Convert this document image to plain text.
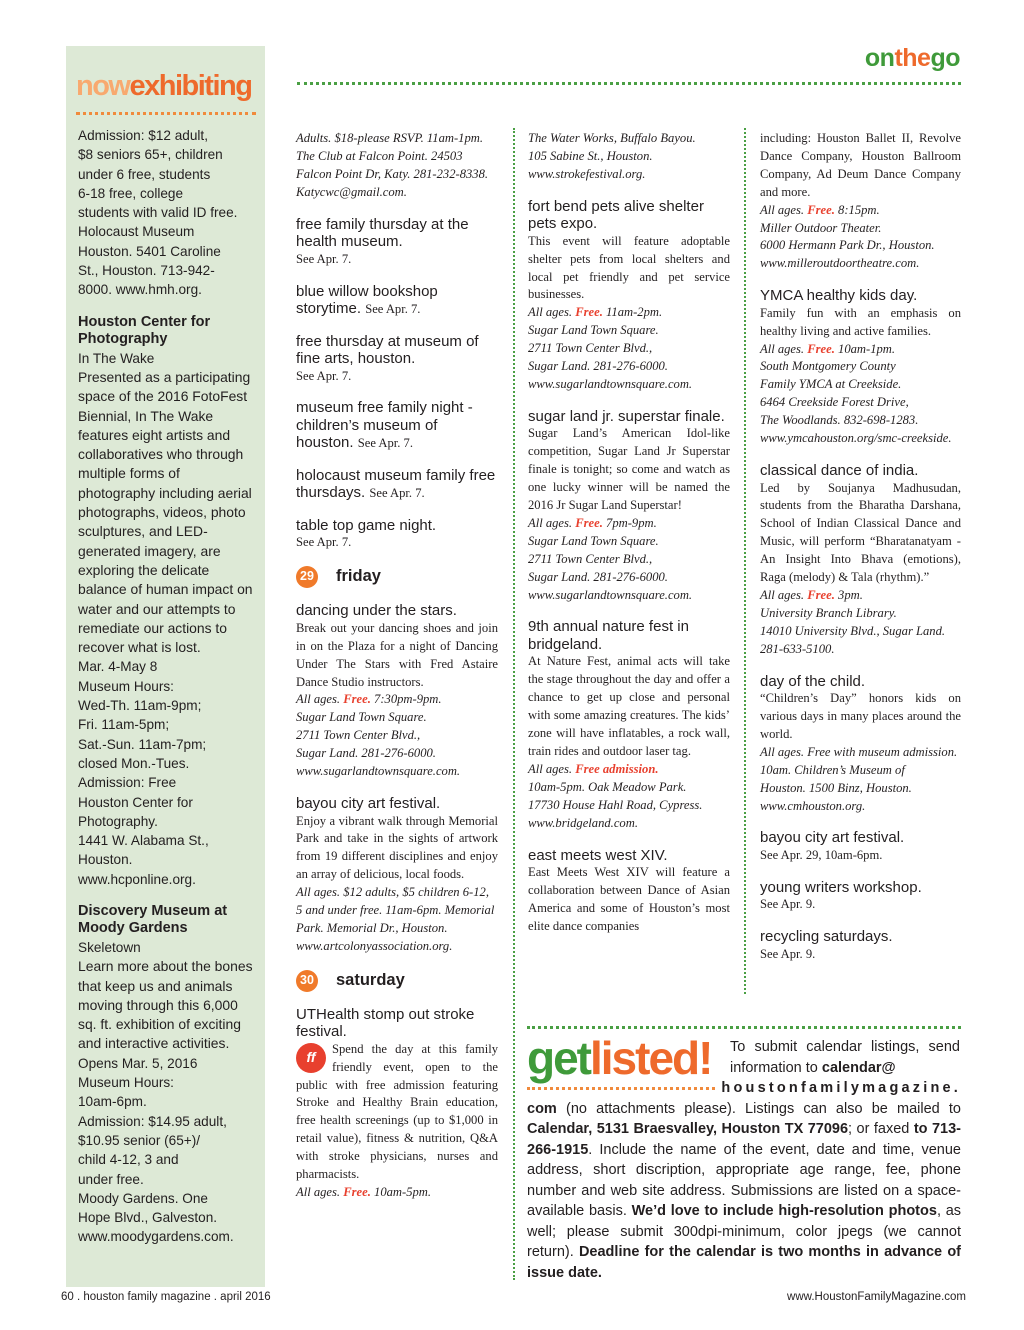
nowexhibiting

Admission: $12 adult,

$8 seniors 65+, children

under 6 free, students

6-18 free, college

students with valid ID free.

Holocaust Museum

Houston. 5401 Caroline

St., Houston. 713-942-

8000. www.hmh.org.

Houston Center for Photography

In The Wake

Presented as a participating space of the 2016 FotoFest Biennial, In The Wake features eight artists and collaboratives who through multiple forms of photography including aerial photographs, videos, photo sculptures, and LED-generated imagery, are exploring the delicate balance of human impact on water and our attempts to remediate our actions to recover what is lost.

Mar. 4-May 8

Museum Hours:

Wed-Th. 11am-9pm;

Fri. 11am-5pm;

Sat.-Sun. 11am-7pm;

closed Mon.-Tues.

Admission: Free

Houston Center for

Photography.

1441 W. Alabama St.,

Houston.

www.hcponline.org.

Discovery Museum at Moody Gardens

Skeletown

Learn more about the bones that keep us and animals moving through this 6,000 sq. ft. exhibition of exciting and interactive activities.

Opens Mar. 5, 2016

Museum Hours:

10am-6pm.

Admission: $14.95 adult,

$10.95 senior (65+)/

child 4-12, 3 and

under free.

Moody Gardens. One

Hope Blvd., Galveston.

www.moodygardens.com.

onthego

Adults. $18-please RSVP. 11am-1pm. The Club at Falcon Point. 24503 Falcon Point Dr, Katy. 281-232-8338. Katycwc@gmail.com.

free family thursday at the health museum.

See Apr. 7.

blue willow bookshop storytime. See Apr. 7.

free thursday at museum of fine arts, houston.

See Apr. 7.

museum free family night - children’s museum of houston. See Apr. 7.

holocaust museum family free thursdays. See Apr. 7.

table top game night.

See Apr. 7.

29 friday

dancing under the stars.

Break out your dancing shoes and join in on the Plaza for a night of Dancing Under The Stars with Fred Astaire Dance Studio instructors.

All ages. Free. 7:30pm-9pm.

Sugar Land Town Square.

2711 Town Center Blvd.,

Sugar Land. 281-276-6000.

www.sugarlandtownsquare.com.

bayou city art festival.

Enjoy a vibrant walk through Memorial Park and take in the sights of artwork from 19 different disciplines and enjoy an array of delicious, local foods.

All ages. $12 adults, $5 children 6-12, 5 and under free. 11am-6pm. Memorial Park. Memorial Dr., Houston. www.artcolonyassociation.org.

30 saturday

UTHealth stomp out stroke festival.

ff
Spend the day at this family friendly event, open to the public with free admission featuring Stroke and Healthy Brain education, free health screenings (up to $1,000 in retail value), fitness & nutrition, Q&A with stroke physicians, nurses and pharmacists.

All ages. Free. 10am-5pm.

The Water Works, Buffalo Bayou.

105 Sabine St., Houston.

www.strokefestival.org.

fort bend pets alive shelter pets expo.

This event will feature adoptable shelter pets from local shelters and local pet friendly and pet service businesses.

All ages. Free. 11am-2pm.

Sugar Land Town Square.

2711 Town Center Blvd.,

Sugar Land. 281-276-6000.

www.sugarlandtownsquare.com.

sugar land jr. superstar finale.

Sugar Land’s American Idol-like competition, Sugar Land Jr Superstar finale is tonight; so come and watch as one lucky winner will be named the 2016 Jr Sugar Land Superstar!

All ages. Free. 7pm-9pm.

Sugar Land Town Square.

2711 Town Center Blvd.,

Sugar Land. 281-276-6000.

www.sugarlandtownsquare.com.

9th annual nature fest in bridgeland.

At Nature Fest, animal acts will take the stage throughout the day and offer a chance to get up close and personal with some amazing creatures. The kids’ zone will have inflatables, a rock wall, train rides and outdoor laser tag.

All ages. Free admission.

10am-5pm. Oak Meadow Park.

17730 House Hahl Road, Cypress.

www.bridgeland.com.

east meets west XIV.

East Meets West XIV will feature a collaboration between Dance of Asian America and some of Houston’s most elite dance companies

including: Houston Ballet II, Revolve Dance Company, Houston Ballroom Company, Ad Deum Dance Company and more.

All ages. Free. 8:15pm.

Miller Outdoor Theater.

6000 Hermann Park Dr., Houston.

www.milleroutdoortheatre.com.

YMCA healthy kids day.

Family fun with an emphasis on healthy living and active families.

All ages. Free. 10am-1pm.

South Montgomery County

Family YMCA at Creekside.

6464 Creekside Forest Drive,

The Woodlands. 832-698-1283.

www.ymcahouston.org/smc-creekside.

classical dance of india.

Led by Soujanya Madhusudan, students from the Bharatha Darshana, School of Indian Classical Dance and Music, will perform “Bharatanatyam - An Insight Into Bhava (emotions), Raga (melody) & Tala (rhythm).”

All ages. Free. 3pm.

University Branch Library.

14010 University Blvd., Sugar Land.

281-633-5100.

day of the child.

“Children’s Day” honors kids on various days in many places around the world.

All ages. Free with museum admission.

10am. Children’s Museum of

Houston. 1500 Binz, Houston.

www.cmhouston.org.

bayou city art festival.

See Apr. 29, 10am-6pm.

young writers workshop.

See Apr. 9.

recycling saturdays.

See Apr. 9.

getlisted! To submit calendar listings, send information to calendar@
houstonfamilymagazine.
com (no attachments please). Listings can also be mailed to Calendar, 5131 Braesvalley, Houston TX 77096; or faxed to 713-266-1915. Include the name of the event, date and time, venue address, short discription, appropriate age range, fee, phone number and web site address. Submissions are listed on a space-available basis. We’d love to include high-resolution photos, as well; please submit 300dpi-minimum, color jpegs (we cannot return). Deadline for the calendar is two months in advance of issue date.
60 . houston family magazine . april 2016	www.HoustonFamilyMagazine.com
